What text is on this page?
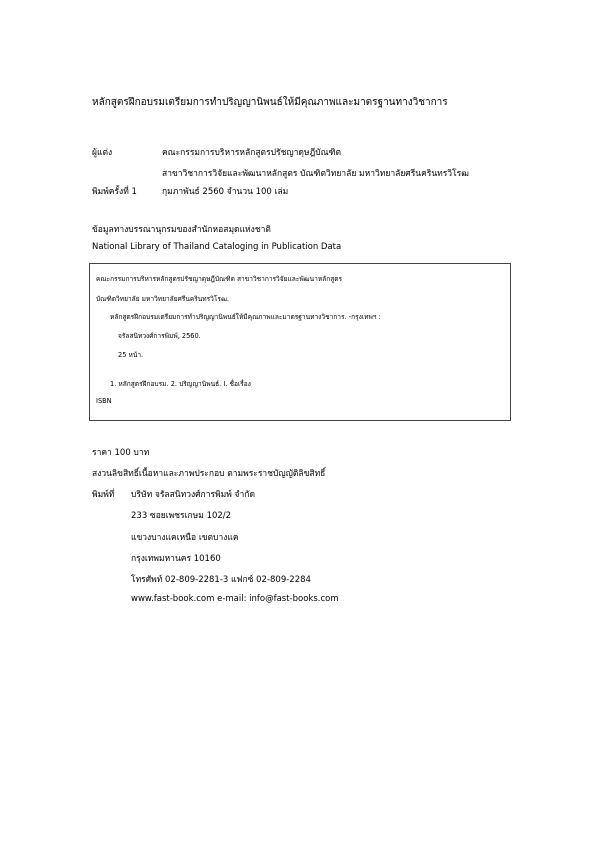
หลักสูตรฝึกอบรมเตรียมการทำปริญญานิพนธ์ให้มีคุณภาพและมาตรฐานทางวิชาการ
ผู้แต่ง	คณะกรรมการบริหารหลักสูตรปรัชญาดุษฎีบัณฑิต
สาขาวิชาการวิจัยและพัฒนาหลักสูตร บัณฑิตวิทยาลัย มหาวิทยาลัยศรีนครินทรวิโรฒ
พิมพ์ครั้งที่ 1	กุมภาพันธ์ 2560 จำนวน 100 เล่ม
ข้อมูลทางบรรณานุกรมของสำนักหอสมุดแห่งชาติ
National Library of Thailand Cataloging in Publication Data
คณะกรรมการบริหารหลักสูตรปรัชญาดุษฎีบัณฑิต สาขาวิชาการวิจัยและพัฒนาหลักสูตร
บัณฑิตวิทยาลัย มหาวิทยาลัยศรีนครินทรวิโรฒ.
หลักสูตรฝึกอบรมเตรียมการทำปริญญานิพนธ์ให้มีคุณภาพและมาตรฐานทางวิชาการ. -กรุงเทพฯ :
จรัลสนิทวงศ์การพิมพ์, 2560.
25 หน้า.
1. หลักสูตรฝึกอบรม. 2. ปริญญานิพนธ์. I. ชื่อเรื่อง
ISBN
ราคา 100 บาท
สงวนลิขสิทธิ์เนื้อหาและภาพประกอบ ตามพระราชบัญญัติลิขสิทธิ์
พิมพ์ที่ บริษัท จรัลสนิทวงศ์การพิมพ์ จำกัด
233 ซอยเพชรเกษม 102/2
แขวงบางแคเหนือ เขตบางแค
กรุงเทพมหานคร 10160
โทรศัพท์ 02-809-2281-3 แฟกซ์ 02-809-2284
www.fast-book.com e-mail: info@fast-books.com
